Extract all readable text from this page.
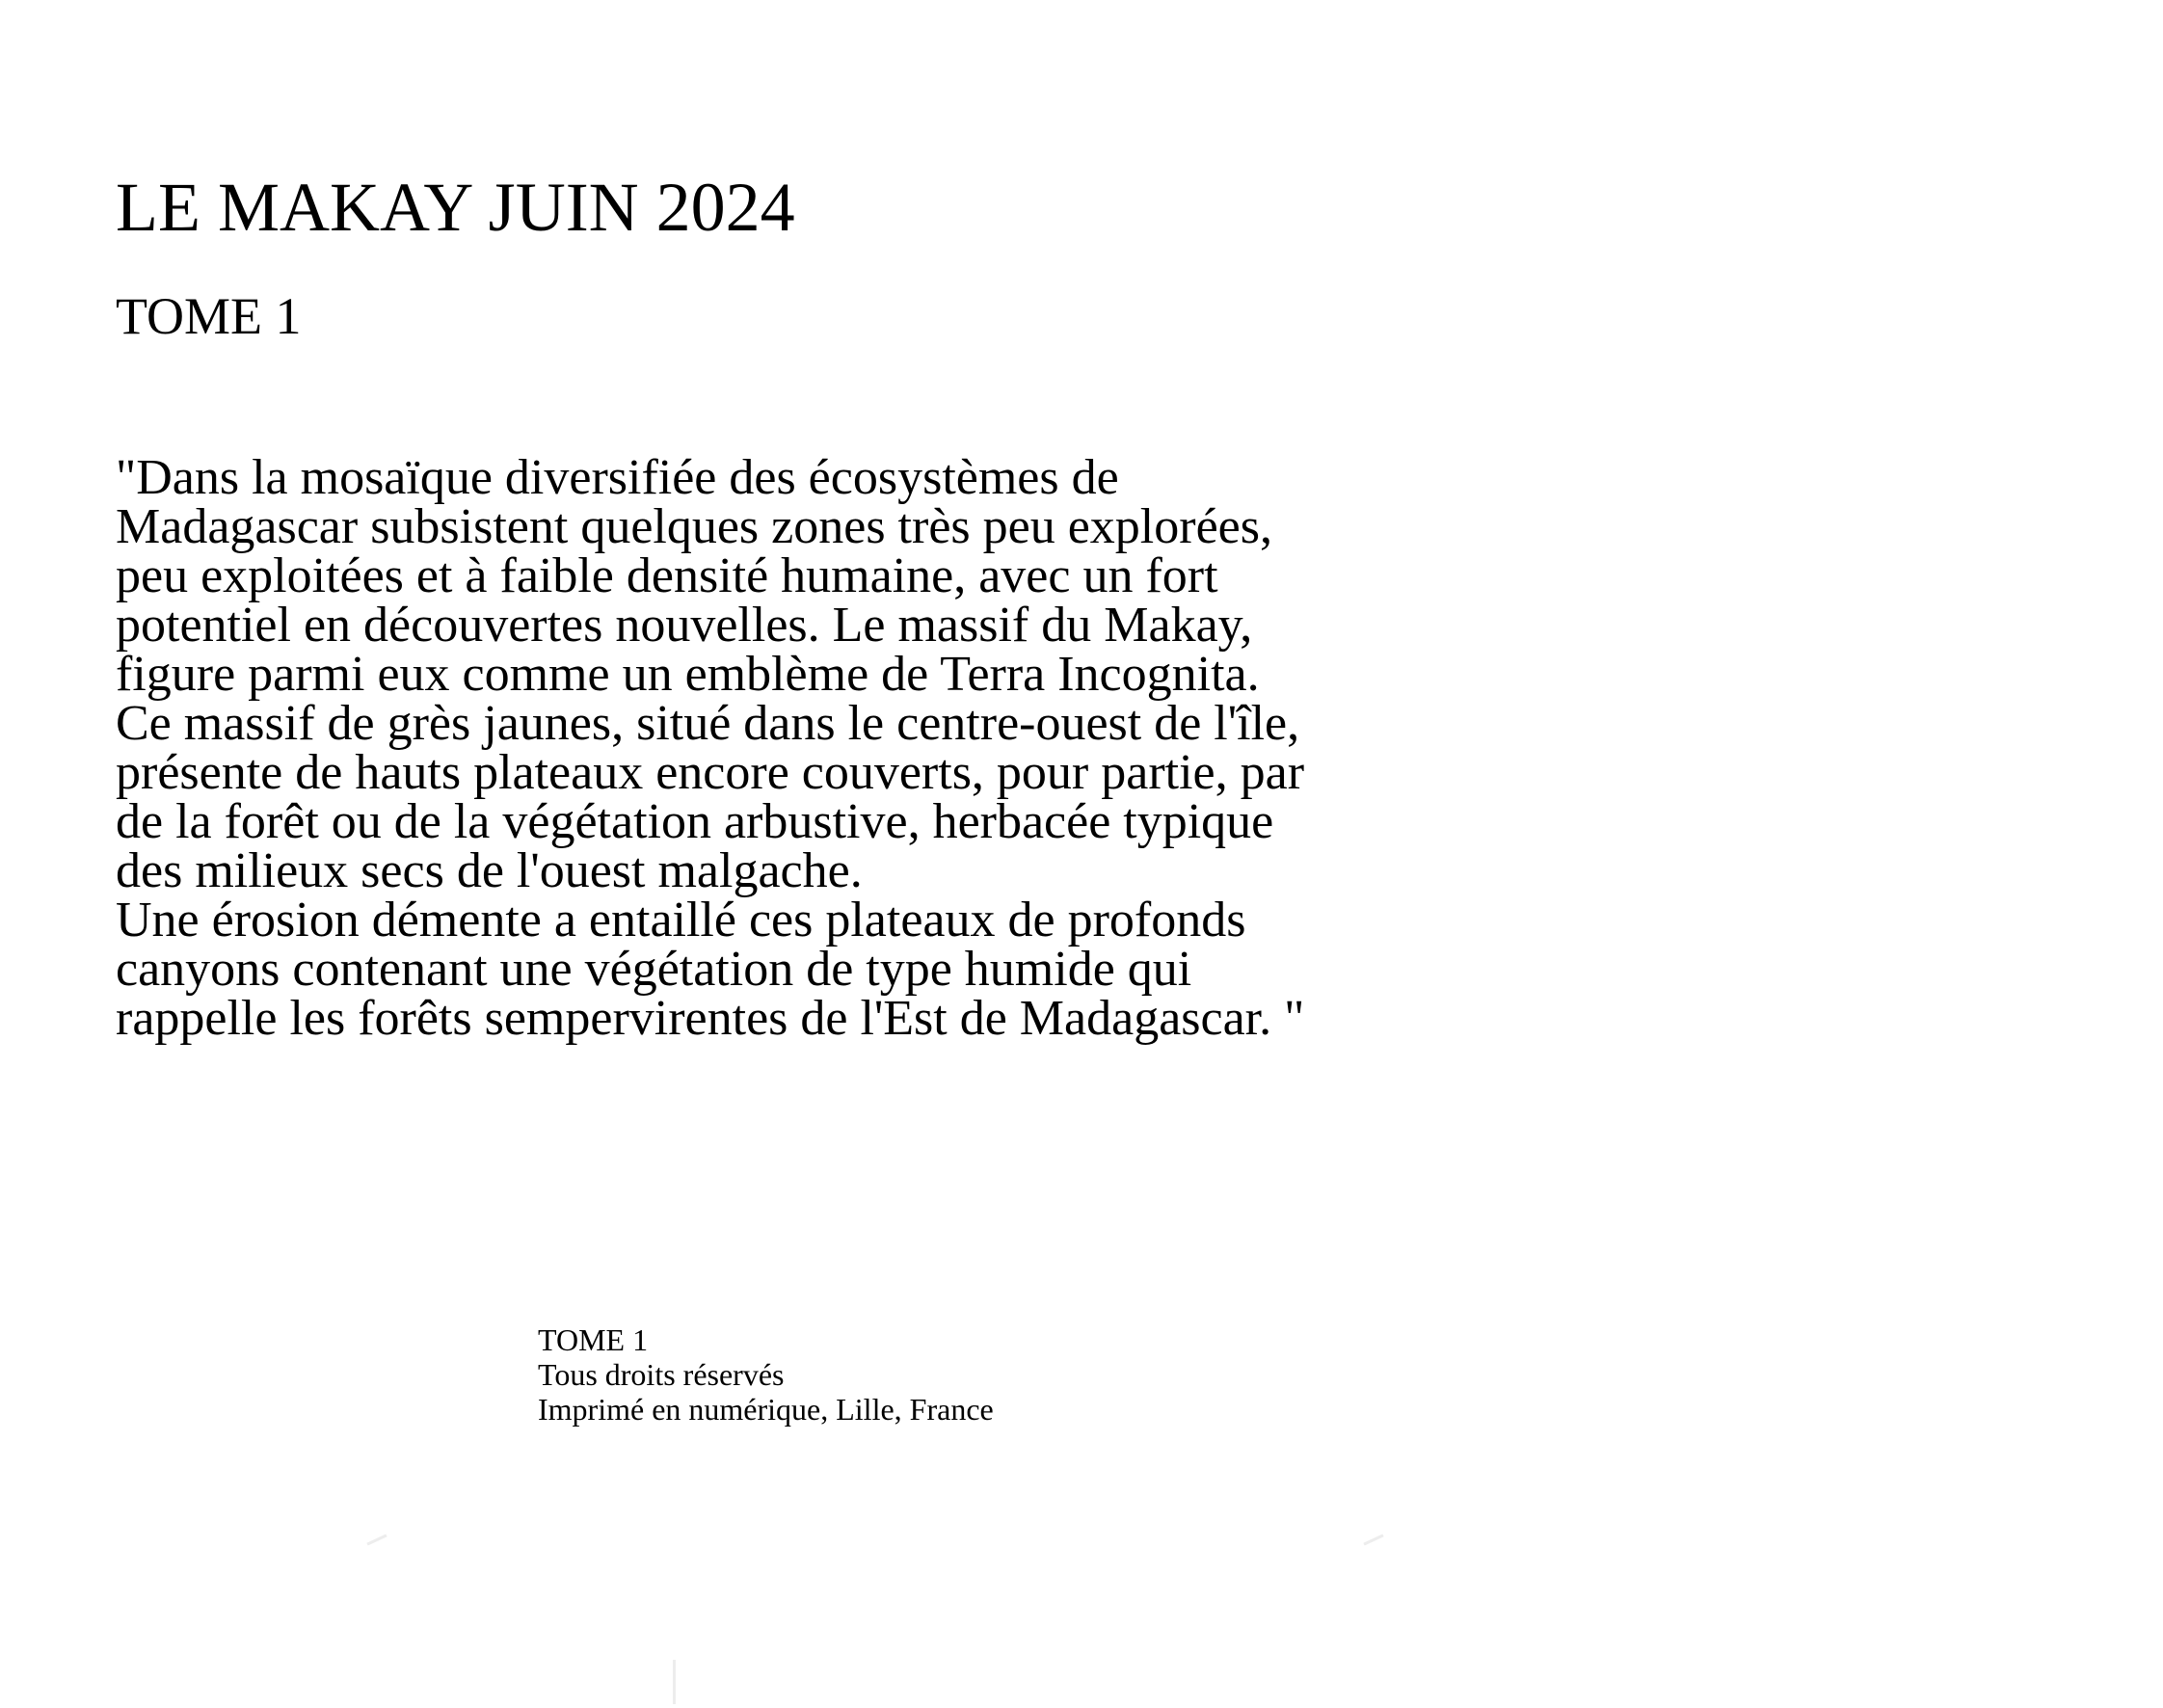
LE MAKAY JUIN 2024
TOME 1
"Dans la mosaïque diversifiée des écosystèmes de
Madagascar subsistent quelques zones très peu explorées,
peu exploitées et à faible densité humaine, avec un fort
potentiel en découvertes nouvelles. Le massif du Makay,
figure parmi eux comme un emblème de Terra Incognita.
Ce massif de grès jaunes, situé dans le centre-ouest de l'île,
présente de hauts plateaux encore couverts, pour partie, par
de la forêt ou de la végétation arbustive, herbacée typique
des milieux secs de l'ouest malgache.
Une érosion démente a entaillé ces plateaux de profonds
canyons contenant une végétation de type humide qui
rappelle les forêts sempervirentes de l'Est de Madagascar. "
TOME 1
Tous droits réservés
Imprimé en numérique, Lille, France
